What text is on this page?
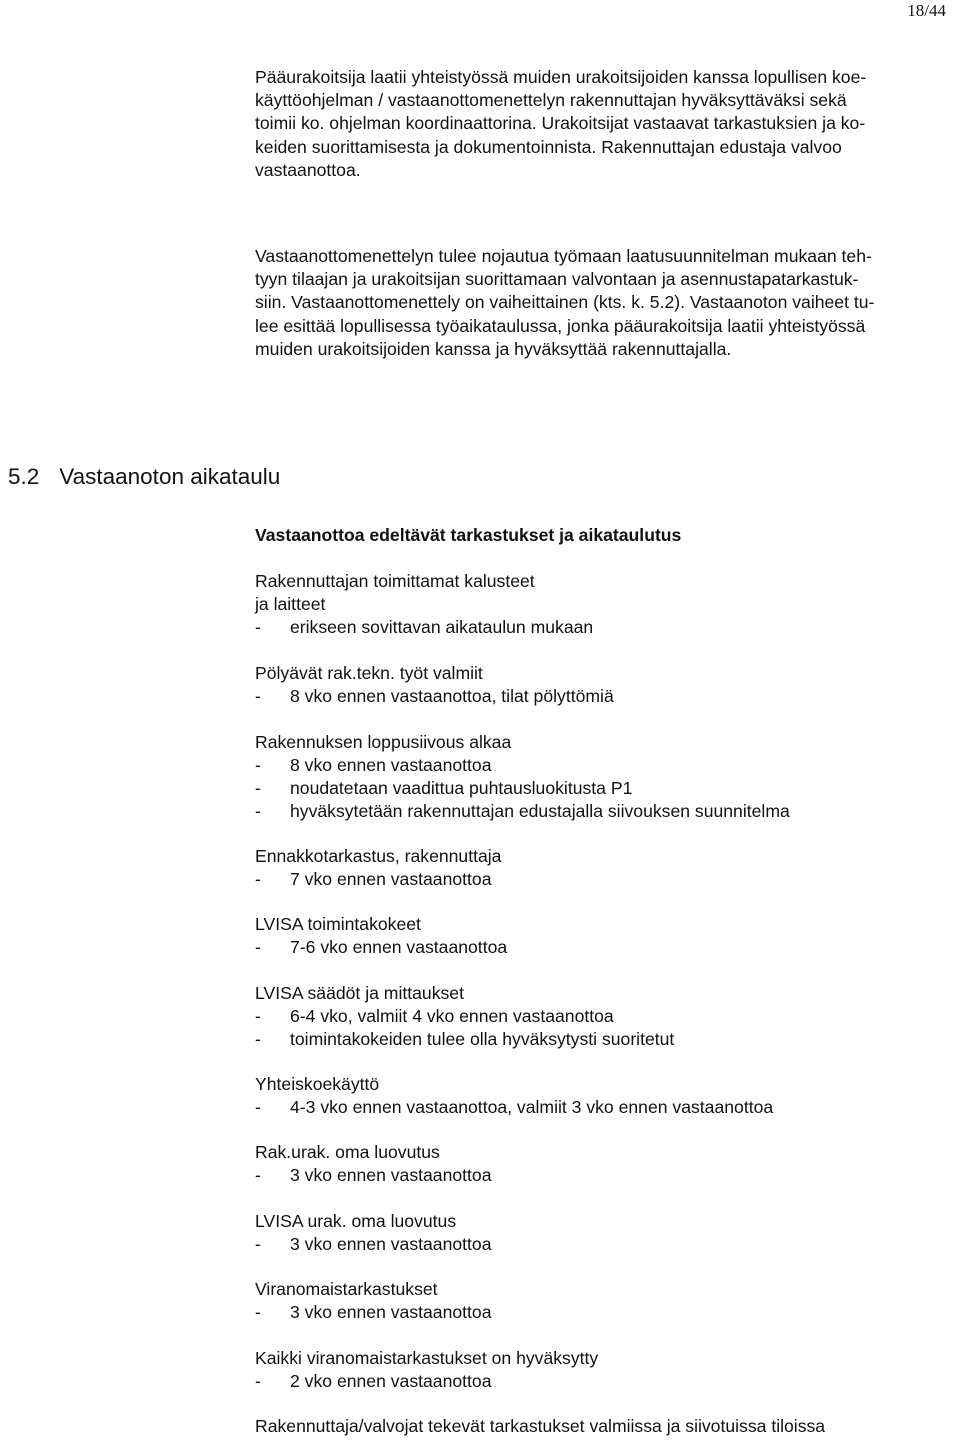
18/44

Pääurakoitsija laatii yhteistyössä muiden urakoitsijoiden kanssa lopullisen koe-
käyttöohjelman / vastaanottomenettelyn rakennuttajan hyväksyttäväksi sekä
toimii ko. ohjelman koordinaattorina. Urakoitsijat vastaavat tarkastuksien ja ko-
keiden suorittamisesta ja dokumentoinnista. Rakennuttajan edustaja valvoo
vastaanottoa.

Vastaanottomenettelyn tulee nojautua työmaan laatusuunnitelman mukaan teh-
tyyn tilaajan ja urakoitsijan suorittamaan valvontaan ja asennustapatarkastuk-
siin. Vastaanottomenettely on vaiheittainen (kts. k. 5.2). Vastaanoton vaiheet tu-
lee esittää lopullisessa työaikataulussa, jonka pääurakoitsija laatii yhteistyössä
muiden urakoitsijoiden kanssa ja hyväksyttää rakennuttajalla.

5.2 Vastaanoton aikataulu
Vastaanottoa edeltävät tarkastukset ja aikataulutus
Rakennuttajan toimittamat kalusteet
ja laitteet
- erikseen sovittavan aikataulun mukaan
Pölyävät rak.tekn. työt valmiit
- 8 vko ennen vastaanottoa, tilat pölyttömiä
Rakennuksen loppusiivous alkaa
- 8 vko ennen vastaanottoa
- noudatetaan vaadittua puhtausluokitusta P1
- hyväksytetään rakennuttajan edustajalla siivouksen suunnitelma
Ennakkotarkastus, rakennuttaja
- 7 vko ennen vastaanottoa
LVISA toimintakokeet
- 7-6 vko ennen vastaanottoa
LVISA säädöt ja mittaukset
- 6-4 vko, valmiit 4 vko ennen vastaanottoa
- toimintakokeiden tulee olla hyväksytysti suoritetut
Yhteiskoekäyttö
- 4-3 vko ennen vastaanottoa, valmiit 3 vko ennen vastaanottoa
Rak.urak. oma luovutus
- 3 vko ennen vastaanottoa
LVISA urak. oma luovutus
- 3 vko ennen vastaanottoa
Viranomaistarkastukset
- 3 vko ennen vastaanottoa
Kaikki viranomaistarkastukset on hyväksytty
- 2 vko ennen vastaanottoa
Rakennuttaja/valvojat tekevät tarkastukset valmiissa ja siivotuissa tiloissa
